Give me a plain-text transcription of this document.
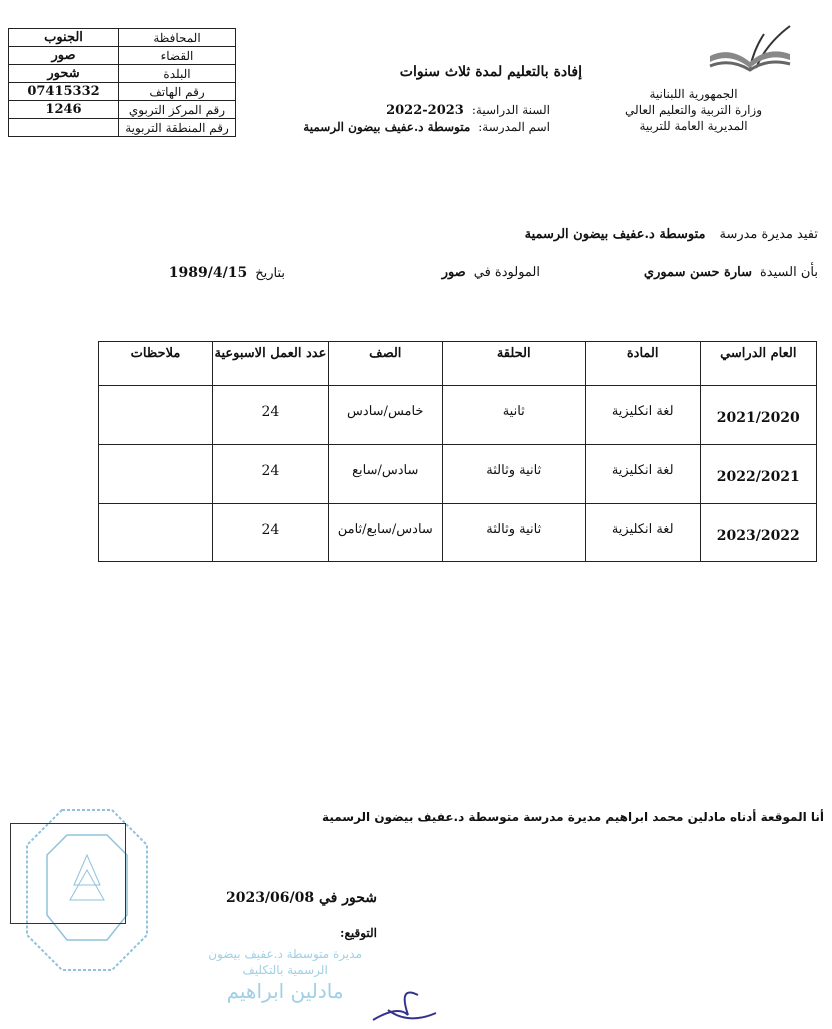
الجمهورية اللبنانية
وزارة التربية والتعليم العالي
المديرية العامة للتربية
إفادة بالتعليم لمدة ثلاث سنوات
السنة الدراسية:
2022-2023
اسم المدرسة:
متوسطة د.عفيف بيضون الرسمية
المحافظة	الجنوب
القضاء	صور
البلدة	شحور
رقم الهاتف	07415332
رقم المركز التربوي	1246
رقم المنطقة التربوية	
تفيد مديرة مدرسة
متوسطة د.عفيف بيضون الرسمية
بأن السيدة
سارة حسن سموري
المولودة في
صور
بتاريخ
1989/4/15
العام الدراسي	المادة	الحلقة	الصف	عدد العمل الاسبوعية	ملاحظات
2021/2020	لغة انكليزية	ثانية	خامس/سادس	24	
2022/2021	لغة انكليزية	ثانية وثالثة	سادس/سابع	24	
2023/2022	لغة انكليزية	ثانية وثالثة	سادس/سابع/ثامن	24	
أنا الموقعة أدناه مادلين محمد ابراهيم مديرة مدرسة متوسطة د.عفيف بيضون الرسمية
شحور في 2023/06/08
التوقيع:
مديرة متوسطة د.عفيف بيضون
الرسمية بالتكليف
مادلين ابراهيم
